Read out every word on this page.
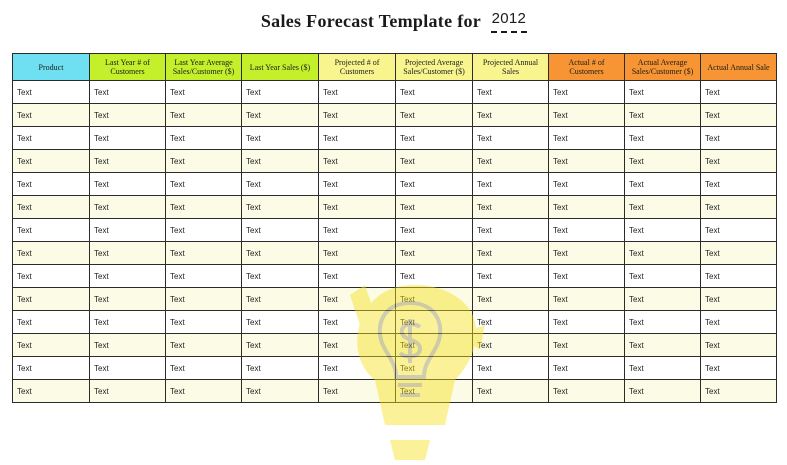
Sales Forecast Template for 2012
Product	Last Year # of Customers	Last Year Average Sales/Customer ($)	Last Year Sales ($)	Projected # of Customers	Projected Average Sales/Customer ($)	Projected Annual Sales	Actual # of Customers	Actual Average Sales/Customer ($)	Actual Annual Sale
Text	Text	Text	Text	Text	Text	Text	Text	Text	Text
Text	Text	Text	Text	Text	Text	Text	Text	Text	Text
Text	Text	Text	Text	Text	Text	Text	Text	Text	Text
Text	Text	Text	Text	Text	Text	Text	Text	Text	Text
Text	Text	Text	Text	Text	Text	Text	Text	Text	Text
Text	Text	Text	Text	Text	Text	Text	Text	Text	Text
Text	Text	Text	Text	Text	Text	Text	Text	Text	Text
Text	Text	Text	Text	Text	Text	Text	Text	Text	Text
Text	Text	Text	Text	Text	Text	Text	Text	Text	Text
Text	Text	Text	Text	Text	Text	Text	Text	Text	Text
Text	Text	Text	Text	Text	Text	Text	Text	Text	Text
Text	Text	Text	Text	Text	Text	Text	Text	Text	Text
Text	Text	Text	Text	Text	Text	Text	Text	Text	Text
Text	Text	Text	Text	Text	Text	Text	Text	Text	Text
